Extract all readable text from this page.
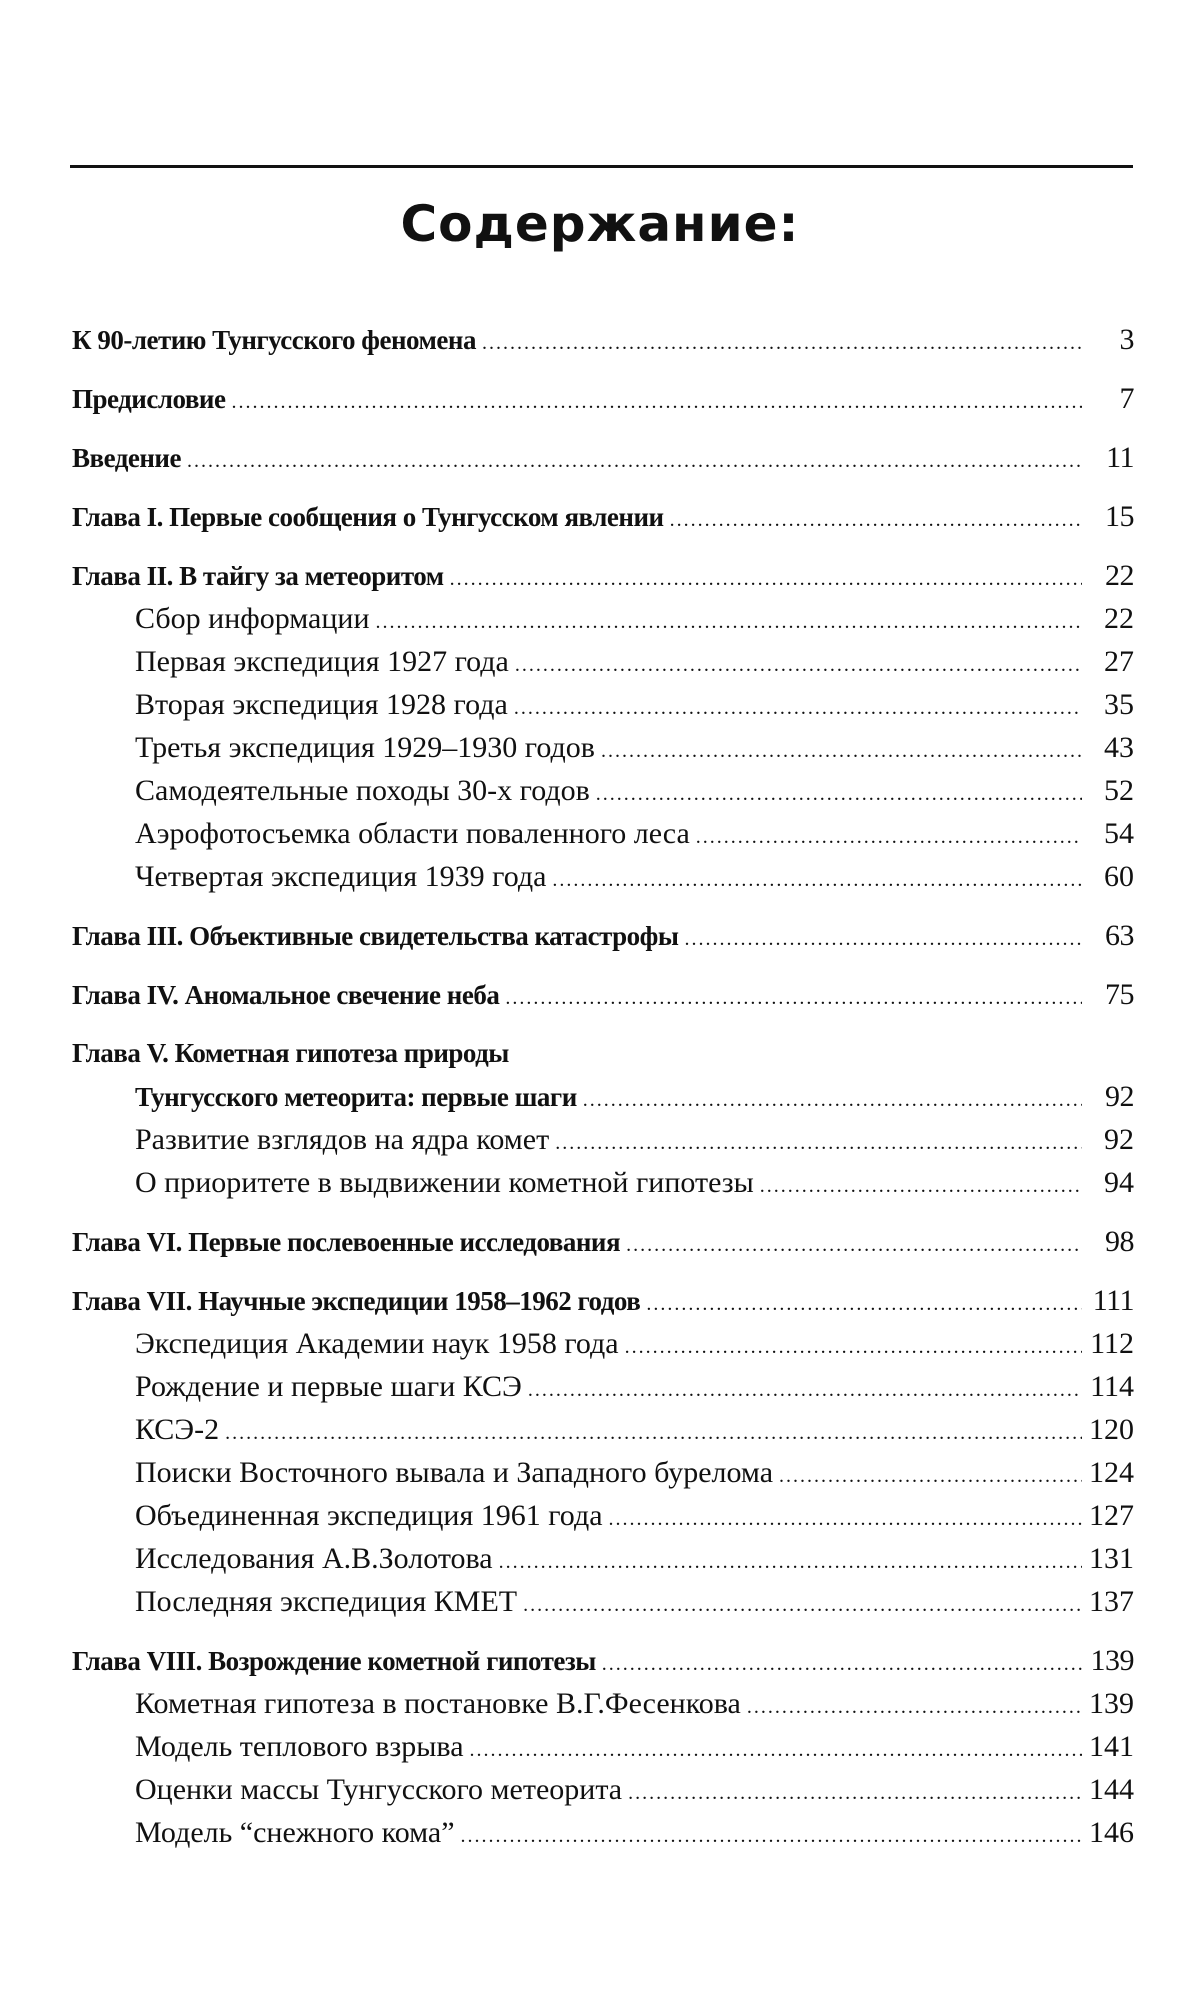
Содержание:
К 90-летию Тунгусского феномена
.....	3
Предисловие
.....	7
Введение
.....	11
Глава I. Первые сообщения о Тунгусском явлении
.....	15
Глава II. В тайгу за метеоритом
.....	22
Сбор информации
.....	22
Первая экспедиция 1927 года
.....	27
Вторая экспедиция 1928 года
.....	35
Третья экспедиция 1929–1930 годов
.....	43
Самодеятельные походы 30-х годов
.....	52
Аэрофотосъемка области поваленного леса
.....	54
Четвертая экспедиция 1939 года
.....	60
Глава III. Объективные свидетельства катастрофы
.....	63
Глава IV. Аномальное свечение неба
.....	75
Глава V. Кометная гипотеза природы
Тунгусского метеорита: первые шаги
.....	92
Развитие взглядов на ядра комет
.....	92
О приоритете в выдвижении кометной гипотезы
.....	94
Глава VI. Первые послевоенные исследования
.....	98
Глава VII. Научные экспедиции 1958–1962 годов
.....	111
Экспедиция Академии наук 1958 года
.....	112
Рождение и первые шаги КСЭ
.....	114
КСЭ-2
.....	120
Поиски Восточного вывала и Западного бурелома
.....	124
Объединенная экспедиция 1961 года
.....	127
Исследования А.В.Золотова
.....	131
Последняя экспедиция КМЕТ
.....	137
Глава VIII. Возрождение кометной гипотезы
.....	139
Кометная гипотеза в постановке В.Г.Фесенкова
.....	139
Модель теплового взрыва
.....	141
Оценки массы Тунгусского метеорита
.....	144
Модель “снежного кома”
.....	146
